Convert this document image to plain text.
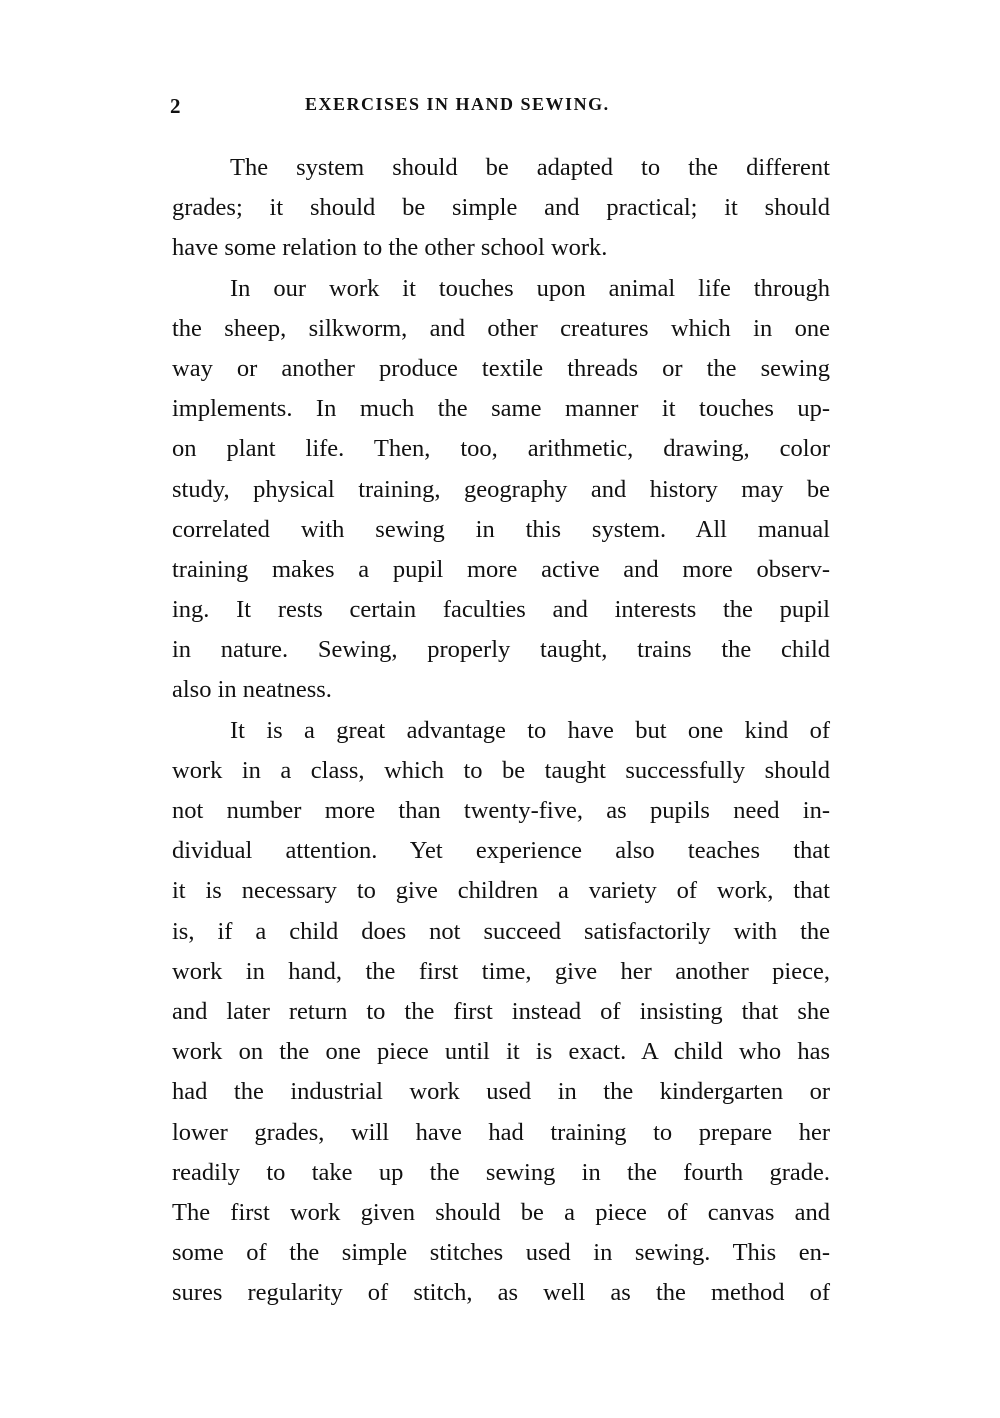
2	EXERCISES IN HAND SEWING.
The system should be adapted to the different
grades; it should be simple and practical; it should
have some relation to the other school work.
In our work it touches upon animal life through
the sheep, silkworm, and other creatures which in one
way or another produce textile threads or the sewing
implements. In much the same manner it touches up-
on plant life. Then, too, arithmetic, drawing, color
study, physical training, geography and history may be
correlated with sewing in this system. All manual
training makes a pupil more active and more observ-
ing. It rests certain faculties and interests the pupil
in nature. Sewing, properly taught, trains the child
also in neatness.
It is a great advantage to have but one kind of
work in a class, which to be taught successfully should
not number more than twenty-five, as pupils need in-
dividual attention. Yet experience also teaches that
it is necessary to give children a variety of work, that
is, if a child does not succeed satisfactorily with the
work in hand, the first time, give her another piece,
and later return to the first instead of insisting that she
work on the one piece until it is exact. A child who has
had the industrial work used in the kindergarten or
lower grades, will have had training to prepare her
readily to take up the sewing in the fourth grade.
The first work given should be a piece of canvas and
some of the simple stitches used in sewing. This en-
sures regularity of stitch, as well as the method of
